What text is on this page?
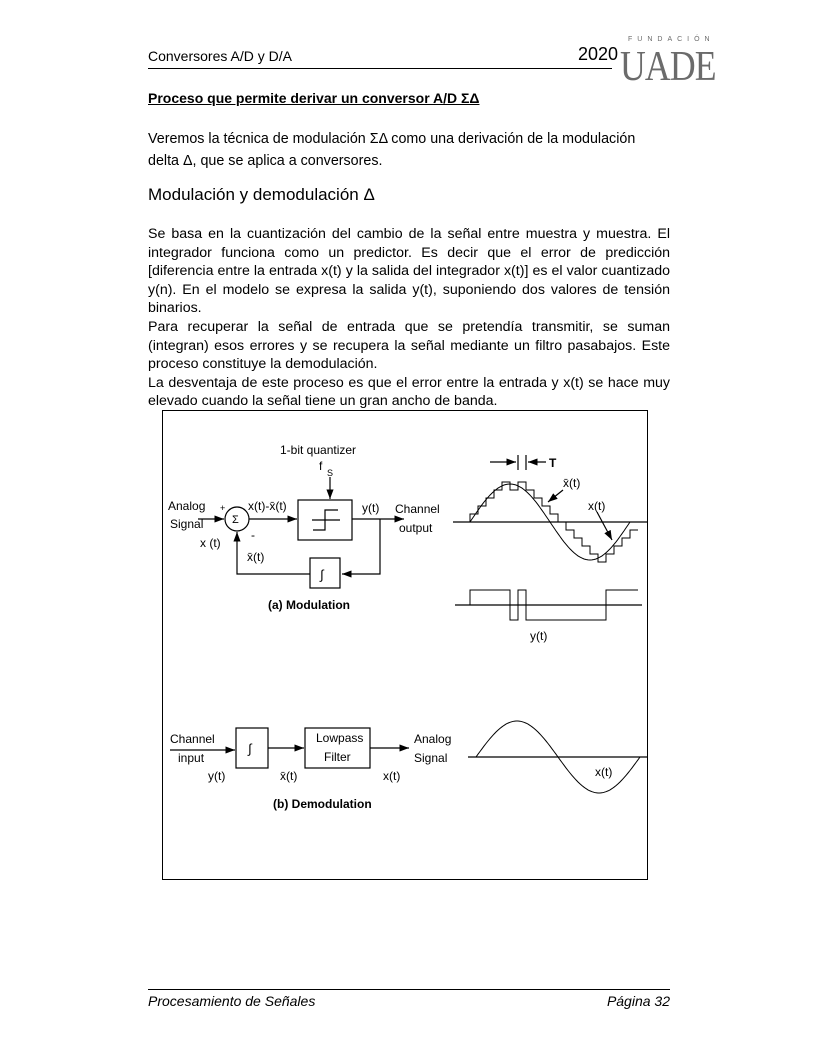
Conversores A/D y D/A	2020
FUNDACIÓN
UADE
Proceso que permite derivar un conversor A/D ΣΔ
Veremos la técnica de modulación ΣΔ como una derivación de la modulación delta Δ, que se aplica a conversores.
Modulación y demodulación Δ

Se basa en la cuantización del cambio de la señal entre muestra y muestra. El integrador funciona como un predictor. Es decir que el error de predicción [diferencia entre la entrada x(t) y la salida del integrador x(t)] es el valor cuantizado y(n). En el modelo se expresa la salida y(t), suponiendo dos valores de tensión binarios.

Para recuperar la señal de entrada que se pretendía transmitir, se suman (integran) esos errores y se recupera la señal mediante un filtro pasabajos. Este proceso constituye la demodulación.

La desventaja de este proceso es que el error entre la entrada y x(t) se hace muy elevado cuando la señal tiene un gran ancho de banda.

1-bit quantizer
f S
Analog
Signal
x (t)
+
-
Σ
x(t)-x̄(t)	y(t) Channel
output
x̄(t)
∫
(a) Modulation
T
x̄(t)
x(t)
y(t)
Channel
input
y(t)
∫
x̄(t)
Lowpass
Filter
x(t)
Analog
Signal
x(t)
(b) Demodulation
Procesamiento de Señales	Página 32
